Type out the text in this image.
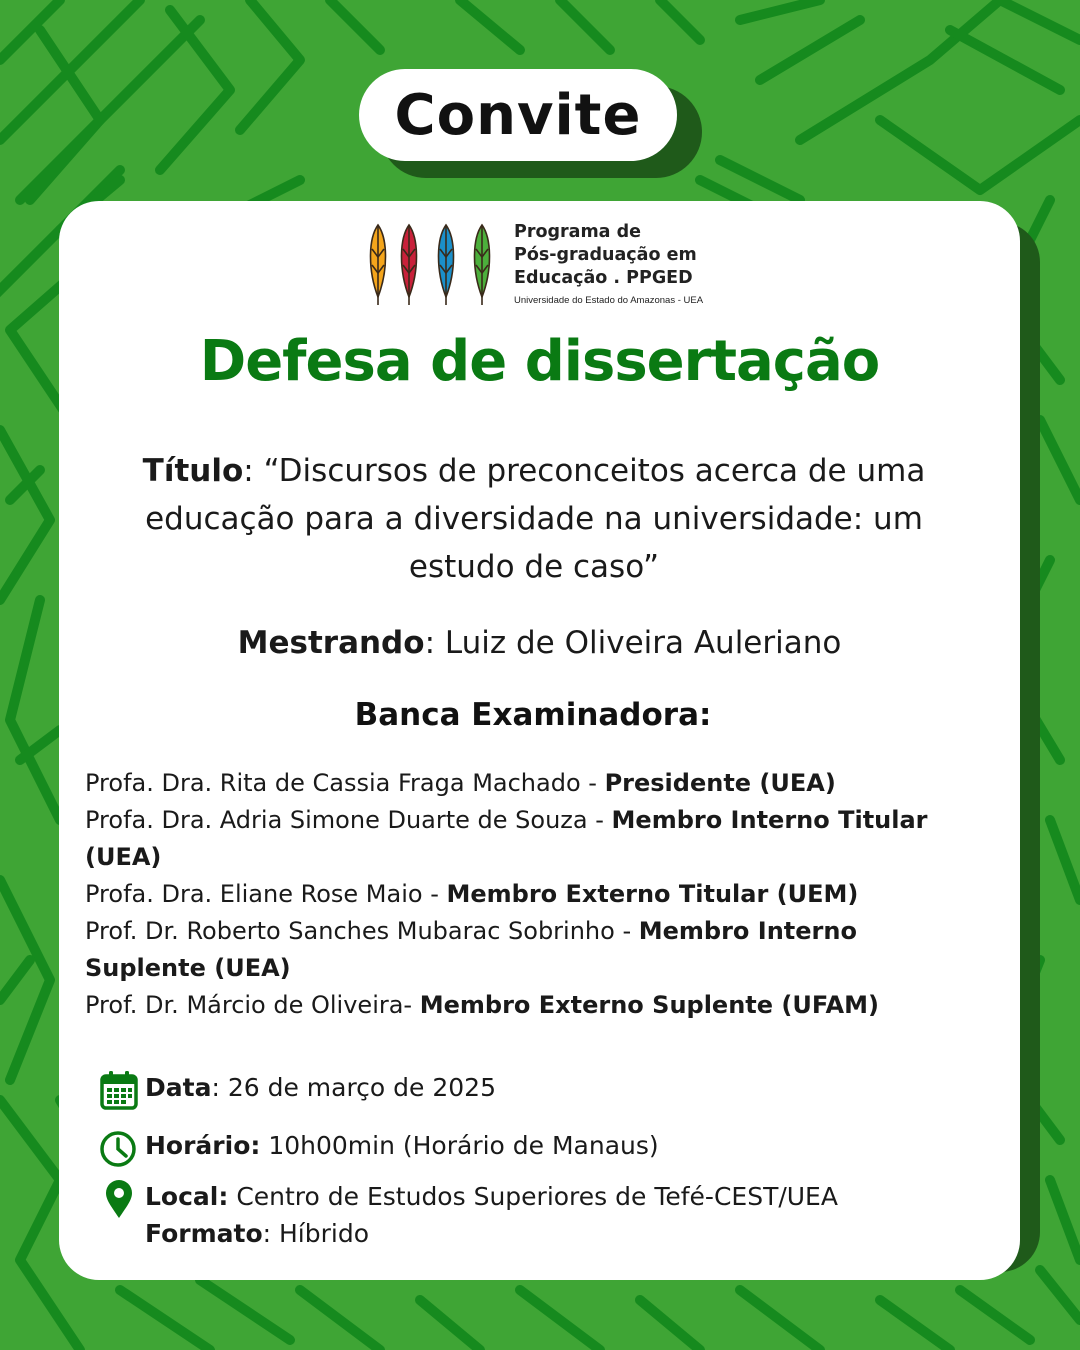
Convite
Programa de
Pós-graduação em
Educação . PPGED
Universidade do Estado do Amazonas - UEA
Defesa de dissertação
Título: “Discursos de preconceitos acerca de uma educação para a diversidade na universidade: um estudo de caso”
Mestrando: Luiz de Oliveira Auleriano
Banca Examinadora:
Profa. Dra. Rita de Cassia Fraga Machado - Presidente (UEA)
Profa. Dra. Adria Simone Duarte de Souza - Membro Interno Titular (UEA)
Profa. Dra. Eliane Rose Maio - Membro Externo Titular (UEM)
Prof. Dr. Roberto Sanches Mubarac Sobrinho - Membro Interno Suplente (UEA)
Prof. Dr. Márcio de Oliveira- Membro Externo Suplente (UFAM)
Data: 26 de março de 2025
Horário: 10h00min (Horário de Manaus)
Local: Centro de Estudos Superiores de Tefé-CEST/UEA
Formato: Híbrido
